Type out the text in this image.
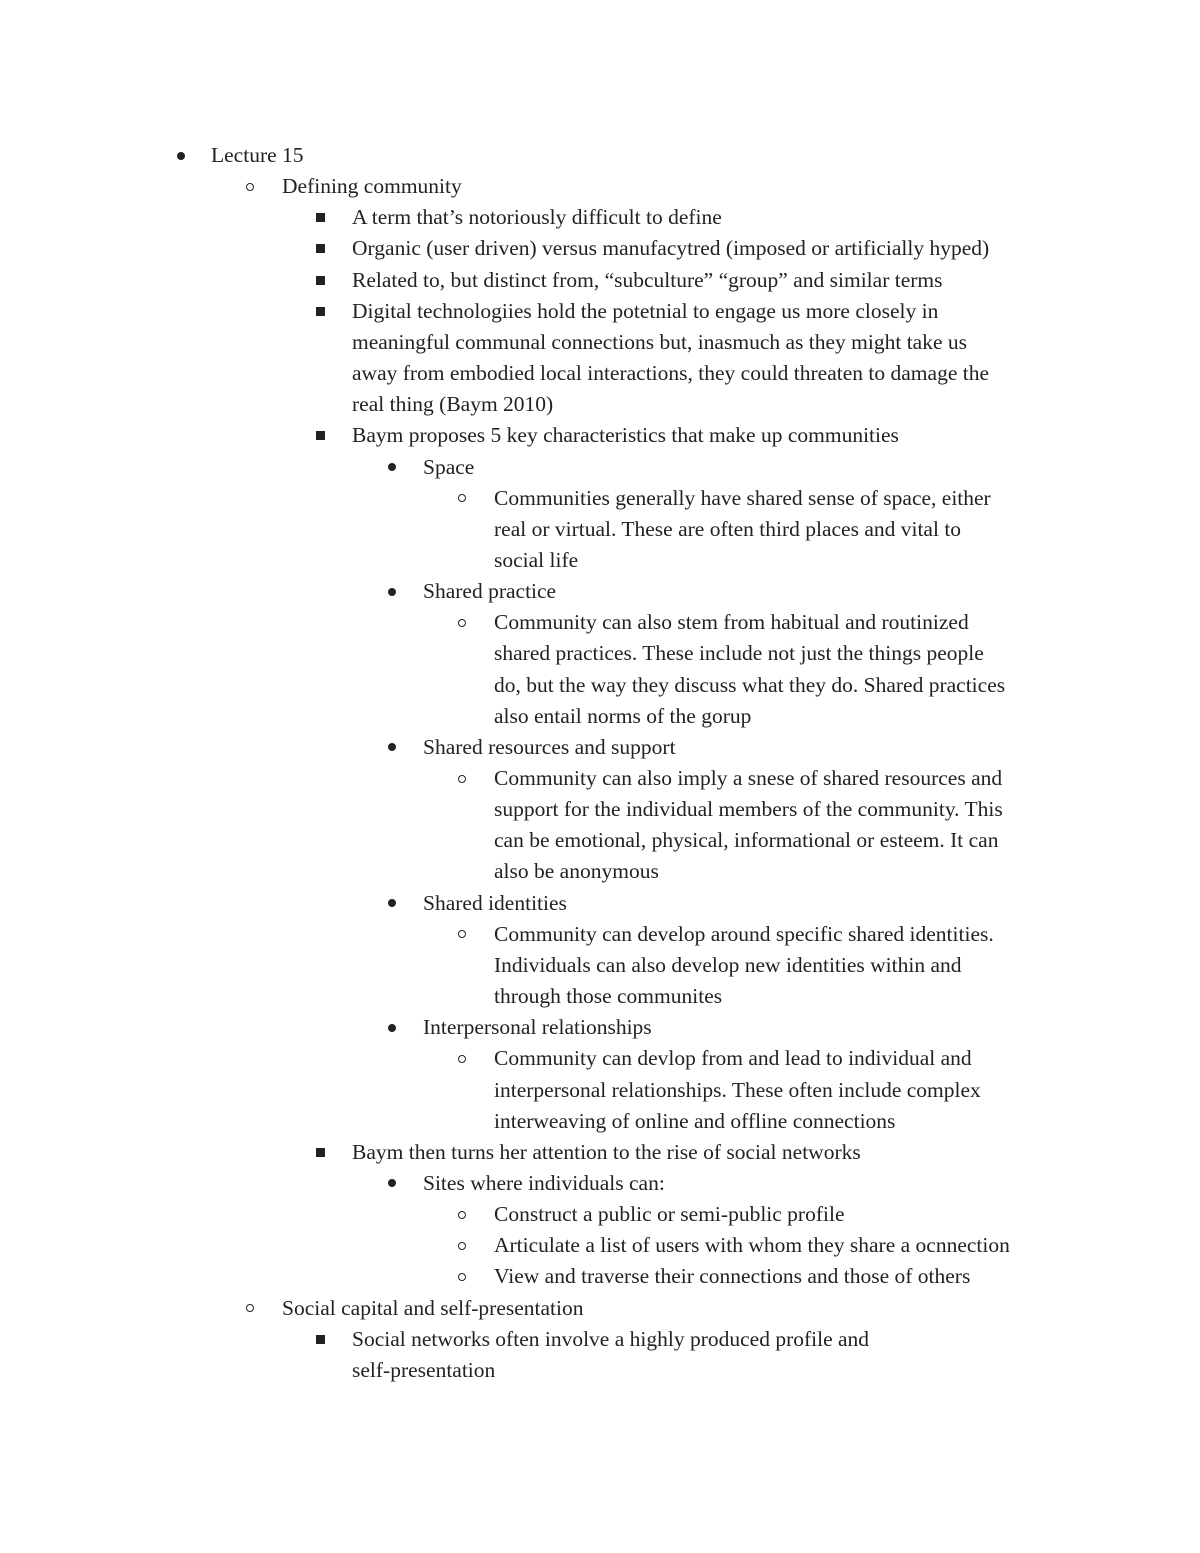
Lecture 15
Defining community
A term that’s notoriously difficult to define
Organic (user driven) versus manufacytred (imposed or artificially hyped)
Related to, but distinct from, “subculture” “group” and similar terms
Digital technologiies hold the potetnial to engage us more closely in
meaningful communal connections but, inasmuch as they might take us
away from embodied local interactions, they could threaten to damage the
real thing (Baym 2010)
Baym proposes 5 key characteristics that make up communities
Space
Communities generally have shared sense of space, either
real or virtual. These are often third places and vital to
social life
Shared practice
Community can also stem from habitual and routinized
shared practices. These include not just the things people
do, but the way they discuss what they do. Shared practices
also entail norms of the gorup
Shared resources and support
Community can also imply a snese of shared resources and
support for the individual members of the community. This
can be emotional, physical, informational or esteem. It can
also be anonymous
Shared identities
Community can develop around specific shared identities.
Individuals can also develop new identities within and
through those communites
Interpersonal relationships
Community can devlop from and lead to individual and
interpersonal relationships. These often include complex
interweaving of online and offline connections
Baym then turns her attention to the rise of social networks
Sites where individuals can:
Construct a public or semi-public profile
Articulate a list of users with whom they share a ocnnection
View and traverse their connections and those of others
Social capital and self-presentation
Social networks often involve a highly produced profile and
self-presentation
